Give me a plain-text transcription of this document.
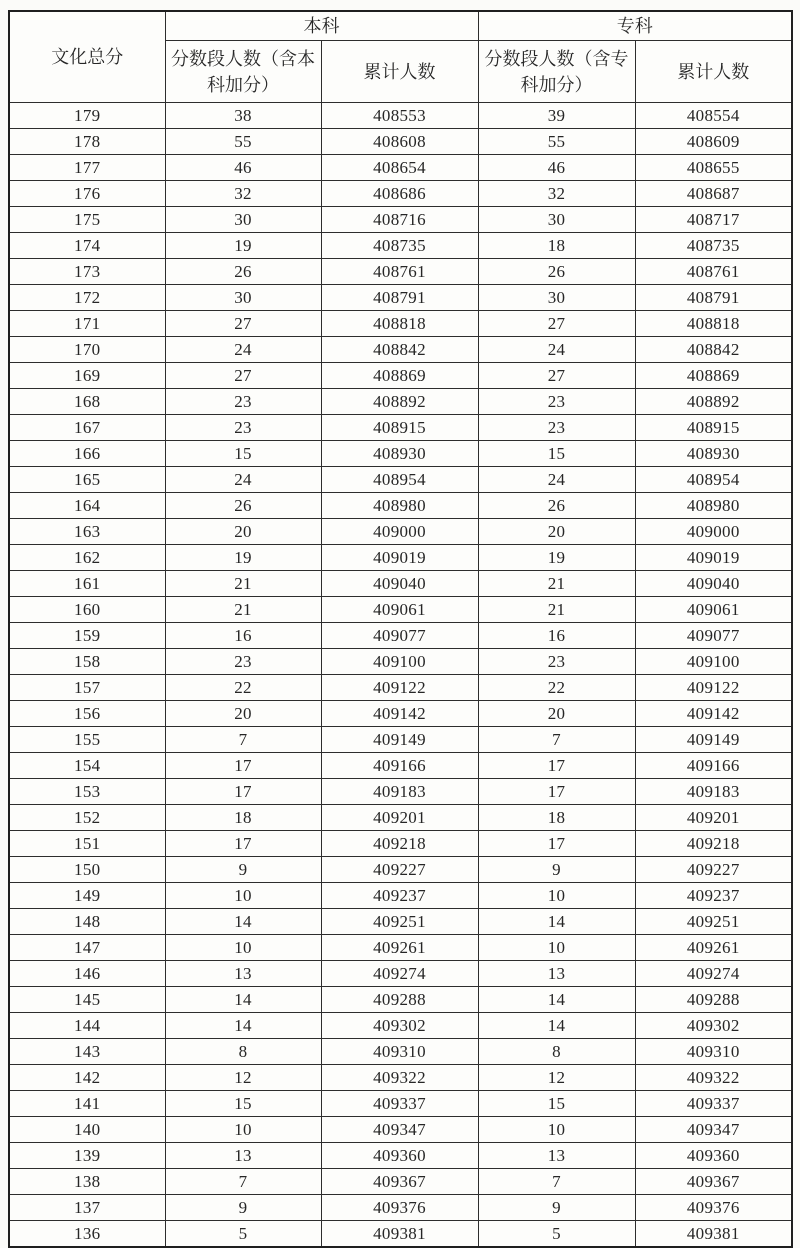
文化总分	本科		专科	
	分数段人数（含本科加分）	累计人数	分数段人数（含专科加分）	累计人数
179	38	408553	39	408554
178	55	408608	55	408609
177	46	408654	46	408655
176	32	408686	32	408687
175	30	408716	30	408717
174	19	408735	18	408735
173	26	408761	26	408761
172	30	408791	30	408791
171	27	408818	27	408818
170	24	408842	24	408842
169	27	408869	27	408869
168	23	408892	23	408892
167	23	408915	23	408915
166	15	408930	15	408930
165	24	408954	24	408954
164	26	408980	26	408980
163	20	409000	20	409000
162	19	409019	19	409019
161	21	409040	21	409040
160	21	409061	21	409061
159	16	409077	16	409077
158	23	409100	23	409100
157	22	409122	22	409122
156	20	409142	20	409142
155	7	409149	7	409149
154	17	409166	17	409166
153	17	409183	17	409183
152	18	409201	18	409201
151	17	409218	17	409218
150	9	409227	9	409227
149	10	409237	10	409237
148	14	409251	14	409251
147	10	409261	10	409261
146	13	409274	13	409274
145	14	409288	14	409288
144	14	409302	14	409302
143	8	409310	8	409310
142	12	409322	12	409322
141	15	409337	15	409337
140	10	409347	10	409347
139	13	409360	13	409360
138	7	409367	7	409367
137	9	409376	9	409376
136	5	409381	5	409381
